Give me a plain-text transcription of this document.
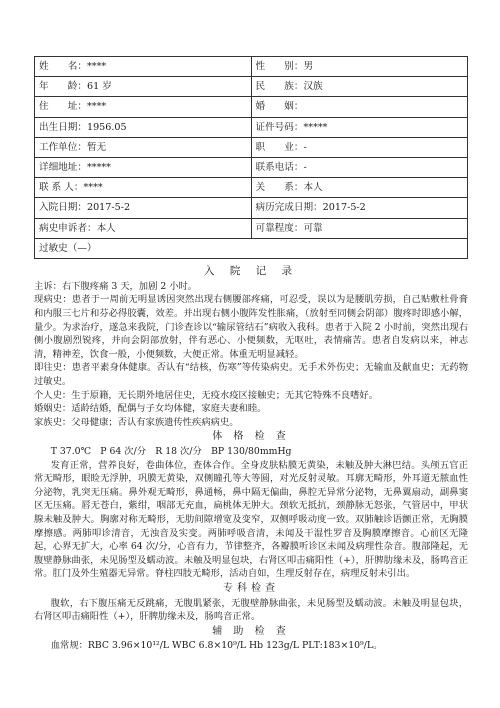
姓　　名：****	性　　别：男
年　　龄：61 岁	民　　族：汉族
住　　址：****	婚　　姻：
出生日期：1956.05	证件号码：*****
工作单位：暂无	职　　业：-
详细地址：*****	联系电话：-
联 系 人：****	关　　系：本人
入院日期：2017-5-2	病历完成日期：2017-5-2
病史申诉者：本人	可靠程度：可靠
过敏史（—）	
入 院 记 录

主诉：右下腹疼痛 3 天，加剧 2 小时。

现病史：患者于一周前无明显诱因突然出现右侧腰部疼痛，可忍受，误以为是腰肌劳损，自己贴敷杜骨膏和内服三七片和芬必得胶囊，效差。并出现右侧小腹阵发性胀痛，（放射至同侧会阴部）腹疼时即感小解，量少。为求治疗，遂急来我院，门诊查诊以“输尿管结石”病收入我科。患者于入院 2 小时前，突然出现右侧小腹剧烈锐疼，并向会阴部放射，伴有恶心、小便频数，无呕吐，表情痛苦。患者自发病以来，神志清，精神差，饮食一般，小便频数，大便正常。体重无明显减轻。

即往史：患者平素身体健康。否认有“结核，伤寒”等传染病史。无手术外伤史；无输血及献血史；无药物过敏史。

个人史：生于原籍，无长期外地居住史，无疫水疫区接触史；无其它特殊不良嗜好。

婚姻史：适龄结婚，配偶与子女均体健，家庭夫妻和睦。

家族史：父母健康；否认有家族遗传性疾病病史。

体 格 检 查

T 37.0℃　P 64 次/分　R 18 次/分　BP 130/80mmHg

发育正常，营养良好，卷曲体位，查体合作。全身皮肤粘膜无黄染，未触及肿大淋巴结。头颅五官正常无畸形，眼睑无浮肿，巩膜无黄染，双侧瞳孔等大等圆，对光反射灵敏。耳廓无畸形，外耳道无脓血性分泌物，乳突无压痛。鼻外观无畸形，鼻通畅，鼻中隔无偏曲，鼻腔无异常分泌物，无鼻翼扇动，副鼻窦区无压痛。唇无苍白，紫绀，咽部无充血，扁桃体无肿大。颈软无抵抗，颈静脉无怒张，气管居中，甲状腺未触及肿大。胸廓对称无畸形，无肋间隙增宽及变窄，双侧呼吸动度一致。双肺触诊语颤正常，无胸膜摩擦感。两肺叩诊清音，无浊音及实变。两肺呼吸音清，未闻及干湿性罗音及胸膜摩擦音。心前区无隆起，心界无扩大，心率 64 次/分，心音有力，节律整齐，各瓣膜听诊区未闻及病理性杂音。腹部隆起，无腹壁静脉曲张，未见肠型及蠕动波。未触及明显包块，右肾区叩击痛阳性（+），肝脾肋缘未及，肠鸣音正常。肛门及外生殖器无异常。脊柱四肢无畸形，活动自如，生理反射存在，病理反射未引出。

专科检查

腹软，右下腹压痛无反跳痛，无腹肌紧张，无腹壁静脉曲张，未见肠型及蠕动波。未触及明显包块，右肾区叩击痛阳性（+），肝脾肋缘未及，肠鸣音正常。

辅 助 检 查

血常规：RBC 3.96×10¹²/L WBC 6.8×10⁹/L Hb 123g/L PLT:183×10⁹/L。
